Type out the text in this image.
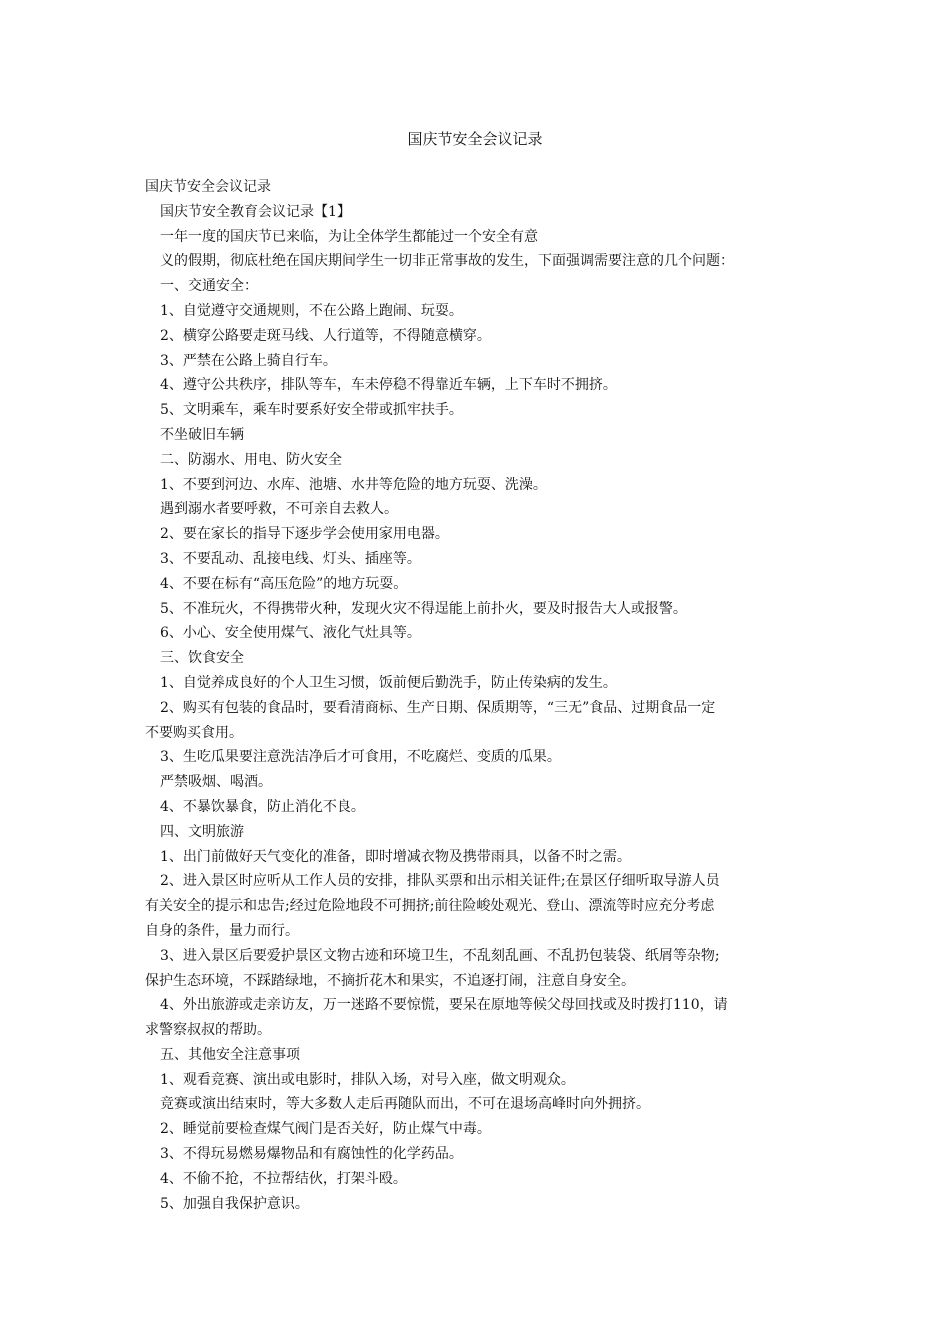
国庆节安全会议记录
国庆节安全会议记录
国庆节安全教育会议记录【1】
一年一度的国庆节已来临，为让全体学生都能过一个安全有意
义的假期，彻底杜绝在国庆期间学生一切非正常事故的发生，下面强调需要注意的几个问题：
一、交通安全：
1、自觉遵守交通规则，不在公路上跑闹、玩耍。
2、横穿公路要走斑马线、人行道等，不得随意横穿。
3、严禁在公路上骑自行车。
4、遵守公共秩序，排队等车，车未停稳不得靠近车辆，上下车时不拥挤。
5、文明乘车，乘车时要系好安全带或抓牢扶手。
不坐破旧车辆
二、防溺水、用电、防火安全
1、不要到河边、水库、池塘、水井等危险的地方玩耍、洗澡。
遇到溺水者要呼救，不可亲自去救人。
2、要在家长的指导下逐步学会使用家用电器。
3、不要乱动、乱接电线、灯头、插座等。
4、不要在标有“高压危险”的地方玩耍。
5、不准玩火，不得携带火种，发现火灾不得逞能上前扑火，要及时报告大人或报警。
6、小心、安全使用煤气、液化气灶具等。
三、饮食安全
1、自觉养成良好的个人卫生习惯，饭前便后勤洗手，防止传染病的发生。
2、购买有包装的食品时，要看清商标、生产日期、保质期等，“三无”食品、过期食品一定
不要购买食用。
3、生吃瓜果要注意洗洁净后才可食用，不吃腐烂、变质的瓜果。
严禁吸烟、喝酒。
4、不暴饮暴食，防止消化不良。
四、文明旅游
1、出门前做好天气变化的准备，即时增减衣物及携带雨具，以备不时之需。
2、进入景区时应听从工作人员的安排，排队买票和出示相关证件;在景区仔细听取导游人员
有关安全的提示和忠告;经过危险地段不可拥挤;前往险峻处观光、登山、漂流等时应充分考虑
自身的条件，量力而行。
3、进入景区后要爱护景区文物古迹和环境卫生，不乱刻乱画、不乱扔包装袋、纸屑等杂物;
保护生态环境，不踩踏绿地，不摘折花木和果实，不追逐打闹，注意自身安全。
4、外出旅游或走亲访友，万一迷路不要惊慌，要呆在原地等候父母回找或及时拨打110，请
求警察叔叔的帮助。
五、其他安全注意事项
1、观看竞赛、演出或电影时，排队入场，对号入座，做文明观众。
竞赛或演出结束时，等大多数人走后再随队而出，不可在退场高峰时向外拥挤。
2、睡觉前要检查煤气阀门是否关好，防止煤气中毒。
3、不得玩易燃易爆物品和有腐蚀性的化学药品。
4、不偷不抢，不拉帮结伙，打架斗殴。
5、加强自我保护意识。
